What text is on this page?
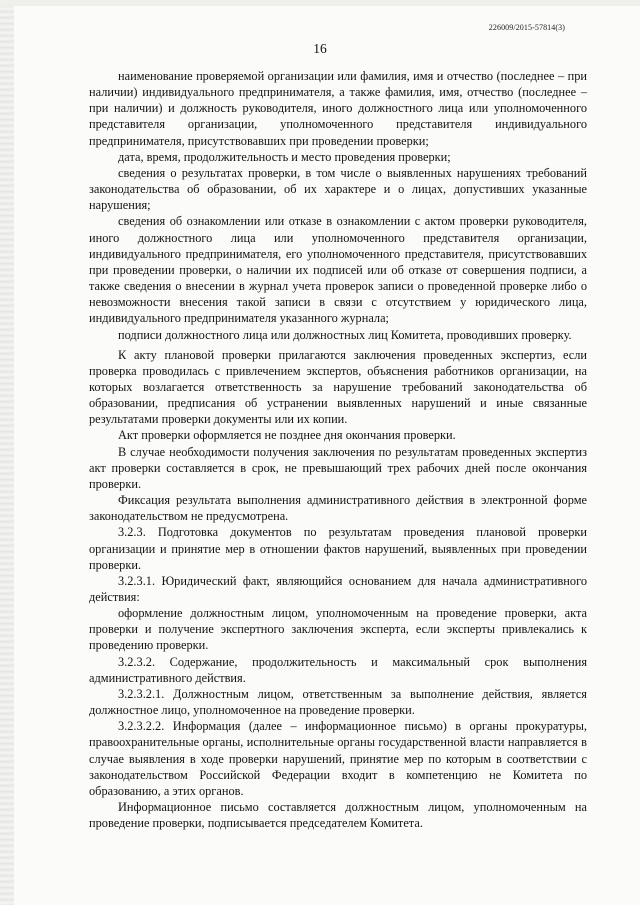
226009/2015-57814(3)
16

наименование проверяемой организации или фамилия, имя и отчество (последнее – при наличии) индивидуального предпринимателя, а также фамилия, имя, отчество (последнее – при наличии) и должность руководителя, иного должностного лица или уполномоченного представителя организации, уполномоченного представителя индивидуального предпринимателя, присутствовавших при проведении проверки;

дата, время, продолжительность и место проведения проверки;

сведения о результатах проверки, в том числе о выявленных нарушениях требований законодательства об образовании, об их характере и о лицах, допустивших указанные нарушения;

сведения об ознакомлении или отказе в ознакомлении с актом проверки руководителя, иного должностного лица или уполномоченного представителя организации, индивидуального предпринимателя, его уполномоченного представителя, присутствовавших при проведении проверки, о наличии их подписей или об отказе от совершения подписи, а также сведения о внесении в журнал учета проверок записи о проведенной проверке либо о невозможности внесения такой записи в связи с отсутствием у юридического лица, индивидуального предпринимателя указанного журнала;

подписи должностного лица или должностных лиц Комитета, проводивших проверку.

К акту плановой проверки прилагаются заключения проведенных экспертиз, если проверка проводилась с привлечением экспертов, объяснения работников организации, на которых возлагается ответственность за нарушение требований законодательства об образовании, предписания об устранении выявленных нарушений и иные связанные результатами проверки документы или их копии.

Акт проверки оформляется не позднее дня окончания проверки.

В случае необходимости получения заключения по результатам проведенных экспертиз акт проверки составляется в срок, не превышающий трех рабочих дней после окончания проверки.

Фиксация результата выполнения административного действия в электронной форме законодательством не предусмотрена.

3.2.3. Подготовка документов по результатам проведения плановой проверки организации и принятие мер в отношении фактов нарушений, выявленных при проведении проверки.

3.2.3.1. Юридический факт, являющийся основанием для начала административного действия:

оформление должностным лицом, уполномоченным на проведение проверки, акта проверки и получение экспертного заключения эксперта, если эксперты привлекались к проведению проверки.

3.2.3.2. Содержание, продолжительность и максимальный срок выполнения административного действия.

3.2.3.2.1. Должностным лицом, ответственным за выполнение действия, является должностное лицо, уполномоченное на проведение проверки.

3.2.3.2.2. Информация (далее – информационное письмо) в органы прокуратуры, правоохранительные органы, исполнительные органы государственной власти направляется в случае выявления в ходе проверки нарушений, принятие мер по которым в соответствии с законодательством Российской Федерации входит в компетенцию не Комитета по образованию, а этих органов.

Информационное письмо составляется должностным лицом, уполномоченным на проведение проверки, подписывается председателем Комитета.
